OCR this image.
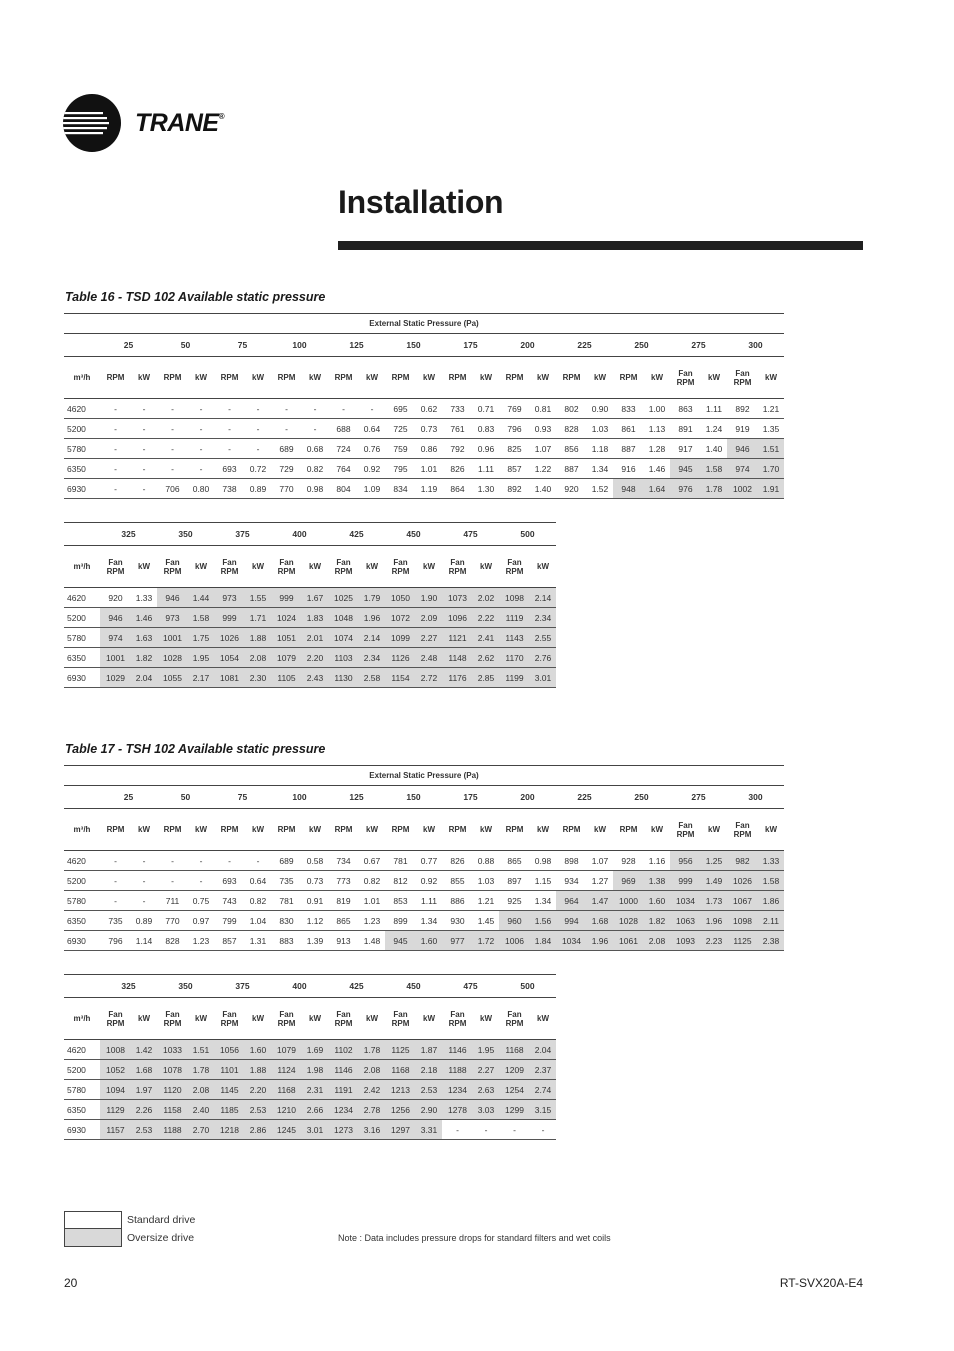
TRANE®
Installation
Table 16 - TSD 102 Available static pressure
External Static Pressure (Pa)																								
	25		50		75		100		125		150		175		200		225		250		275		300	
m³/h	RPM	kW	RPM	kW	RPM	kW	RPM	kW	RPM	kW	RPM	kW	RPM	kW	RPM	kW	RPM	kW	RPM	kW	Fan RPM	kW	Fan RPM	kW
4620	-	-	-	-	-	-	-	-	-	-	695	0.62	733	0.71	769	0.81	802	0.90	833	1.00	863	1.11	892	1.21
5200	-	-	-	-	-	-	-	-	688	0.64	725	0.73	761	0.83	796	0.93	828	1.03	861	1.13	891	1.24	919	1.35
5780	-	-	-	-	-	-	689	0.68	724	0.76	759	0.86	792	0.96	825	1.07	856	1.18	887	1.28	917	1.40	946	1.51
6350	-	-	-	-	693	0.72	729	0.82	764	0.92	795	1.01	826	1.11	857	1.22	887	1.34	916	1.46	945	1.58	974	1.70
6930	-	-	706	0.80	738	0.89	770	0.98	804	1.09	834	1.19	864	1.30	892	1.40	920	1.52	948	1.64	976	1.78	1002	1.91
	325		350		375		400		425		450		475		500	
m³/h	Fan RPM	kW	Fan RPM	kW	Fan RPM	kW	Fan RPM	kW	Fan RPM	kW	Fan RPM	kW	Fan RPM	kW	Fan RPM	kW
4620	920	1.33	946	1.44	973	1.55	999	1.67	1025	1.79	1050	1.90	1073	2.02	1098	2.14
5200	946	1.46	973	1.58	999	1.71	1024	1.83	1048	1.96	1072	2.09	1096	2.22	1119	2.34
5780	974	1.63	1001	1.75	1026	1.88	1051	2.01	1074	2.14	1099	2.27	1121	2.41	1143	2.55
6350	1001	1.82	1028	1.95	1054	2.08	1079	2.20	1103	2.34	1126	2.48	1148	2.62	1170	2.76
6930	1029	2.04	1055	2.17	1081	2.30	1105	2.43	1130	2.58	1154	2.72	1176	2.85	1199	3.01
Table 17 - TSH 102 Available static pressure
External Static Pressure (Pa)																								
	25		50		75		100		125		150		175		200		225		250		275		300	
m³/h	RPM	kW	RPM	kW	RPM	kW	RPM	kW	RPM	kW	RPM	kW	RPM	kW	RPM	kW	RPM	kW	RPM	kW	Fan RPM	kW	Fan RPM	kW
4620	-	-	-	-	-	-	689	0.58	734	0.67	781	0.77	826	0.88	865	0.98	898	1.07	928	1.16	956	1.25	982	1.33
5200	-	-	-	-	693	0.64	735	0.73	773	0.82	812	0.92	855	1.03	897	1.15	934	1.27	969	1.38	999	1.49	1026	1.58
5780	-	-	711	0.75	743	0.82	781	0.91	819	1.01	853	1.11	886	1.21	925	1.34	964	1.47	1000	1.60	1034	1.73	1067	1.86
6350	735	0.89	770	0.97	799	1.04	830	1.12	865	1.23	899	1.34	930	1.45	960	1.56	994	1.68	1028	1.82	1063	1.96	1098	2.11
6930	796	1.14	828	1.23	857	1.31	883	1.39	913	1.48	945	1.60	977	1.72	1006	1.84	1034	1.96	1061	2.08	1093	2.23	1125	2.38
	325		350		375		400		425		450		475		500	
m³/h	Fan RPM	kW	Fan RPM	kW	Fan RPM	kW	Fan RPM	kW	Fan RPM	kW	Fan RPM	kW	Fan RPM	kW	Fan RPM	kW
4620	1008	1.42	1033	1.51	1056	1.60	1079	1.69	1102	1.78	1125	1.87	1146	1.95	1168	2.04
5200	1052	1.68	1078	1.78	1101	1.88	1124	1.98	1146	2.08	1168	2.18	1188	2.27	1209	2.37
5780	1094	1.97	1120	2.08	1145	2.20	1168	2.31	1191	2.42	1213	2.53	1234	2.63	1254	2.74
6350	1129	2.26	1158	2.40	1185	2.53	1210	2.66	1234	2.78	1256	2.90	1278	3.03	1299	3.15
6930	1157	2.53	1188	2.70	1218	2.86	1245	3.01	1273	3.16	1297	3.31	-	-	-	-
Standard drive
Oversize drive	Note : Data includes pressure drops for standard filters and wet coils
20	RT-SVX20A-E4
